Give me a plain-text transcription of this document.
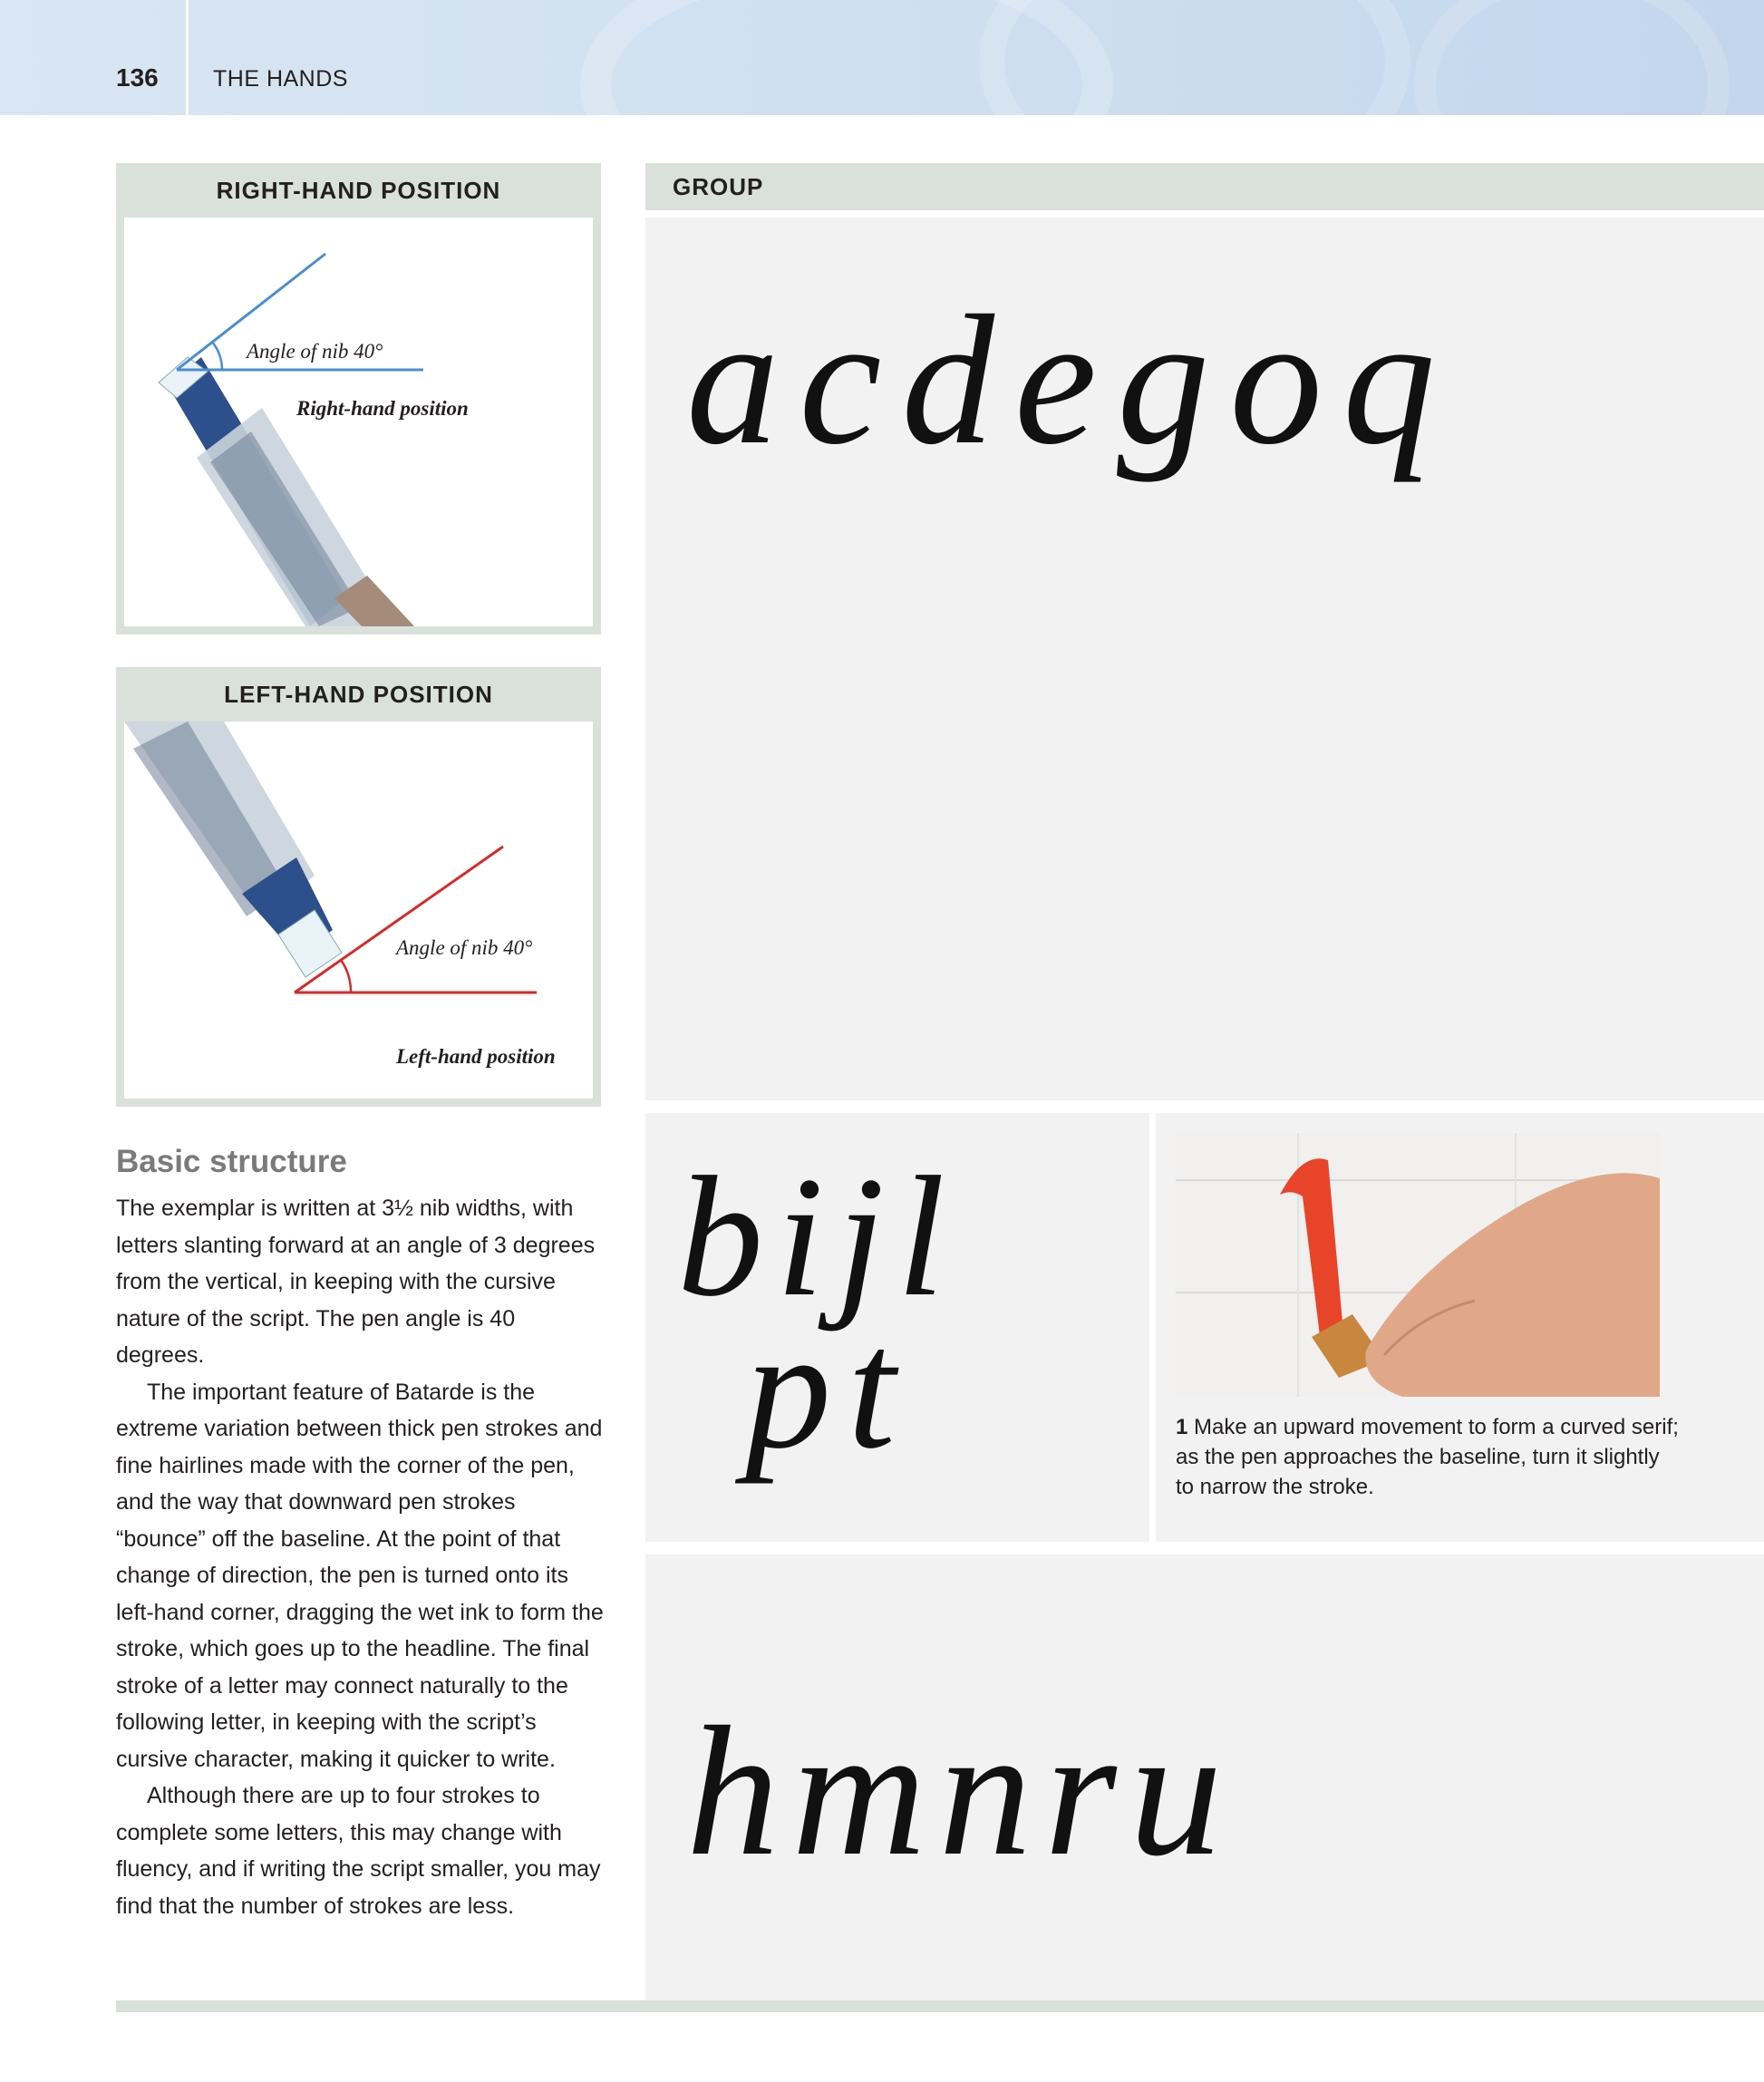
136 THE HANDS
RIGHT-HAND POSITION
Angle of nib 40°
Right-hand position
LEFT-HAND POSITION
Angle of nib 40°
Left-hand position
GROUP
acdegoq
bijl
pt	1 Make an upward movement to form a curved serif; as the pen approaches the baseline, turn it slightly to narrow the stroke.
hmnru
Basic structure

The exemplar is written at 3½ nib widths, with letters slanting forward at an angle of 3 degrees from the vertical, in keeping with the cursive nature of the script. The pen angle is 40 degrees.

The important feature of Batarde is the extreme variation between thick pen strokes and fine hairlines made with the corner of the pen, and the way that downward pen strokes “bounce” off the baseline. At the point of that change of direction, the pen is turned onto its left-hand corner, dragging the wet ink to form the stroke, which goes up to the headline. The final stroke of a letter may connect naturally to the following letter, in keeping with the script’s cursive character, making it quicker to write.

Although there are up to four strokes to complete some letters, this may change with fluency, and if writing the script smaller, you may find that the number of strokes are less.
